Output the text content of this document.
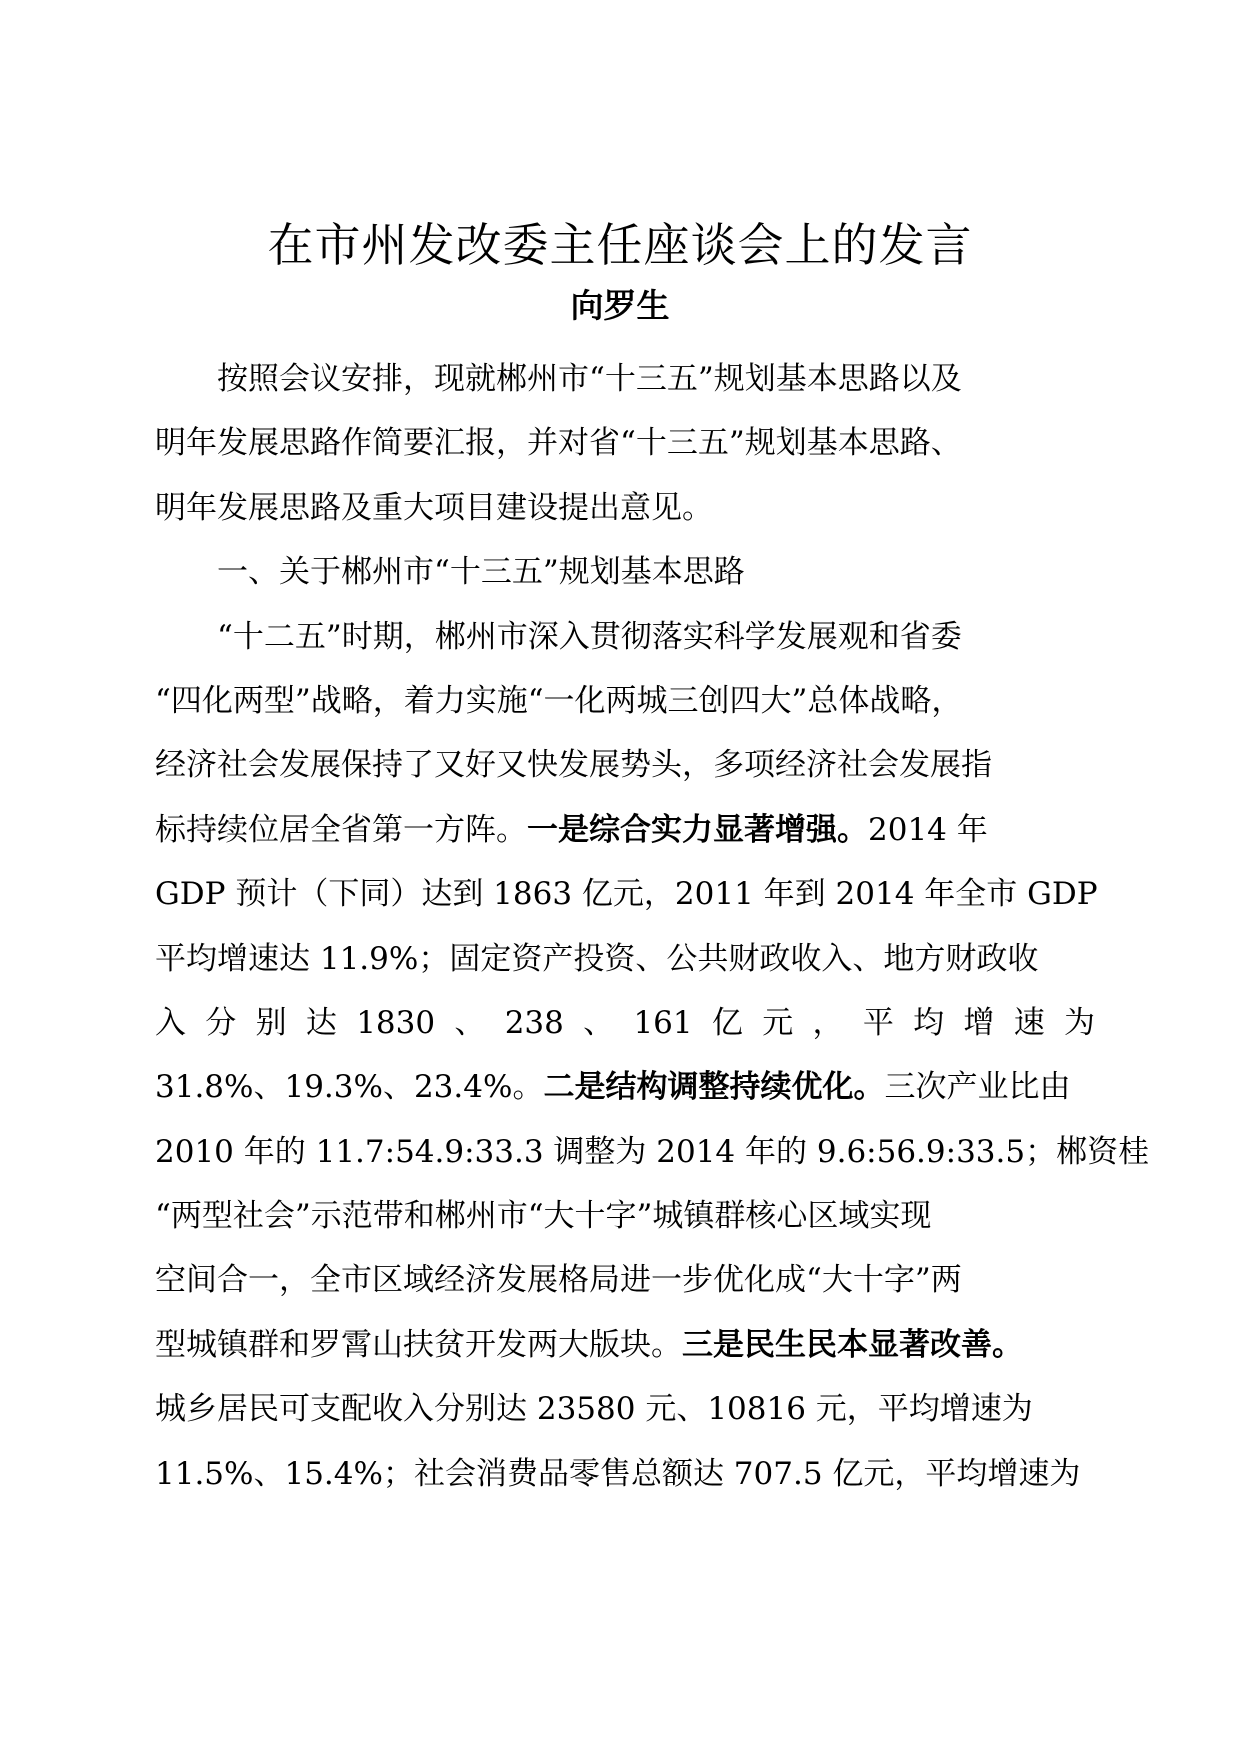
在市州发改委主任座谈会上的发言
向罗生
　　按照会议安排，现就郴州市“十三五”规划基本思路以及
明年发展思路作简要汇报，并对省“十三五”规划基本思路、
明年发展思路及重大项目建设提出意见。
　　一、关于郴州市“十三五”规划基本思路
　　“十二五”时期，郴州市深入贯彻落实科学发展观和省委
“四化两型”战略，着力实施“一化两城三创四大”总体战略，
经济社会发展保持了又好又快发展势头，多项经济社会发展指
标持续位居全省第一方阵。一是综合实力显著增强。2014 年
GDP 预计（下同）达到 1863 亿元，2011 年到 2014 年全市 GDP
平均增速达 11.9%；固定资产投资、公共财政收入、地方财政收
入 分 别 达 1830 、 238 、 161 亿 元 ， 平 均 增 速 为
31.8%、19.3%、23.4%。二是结构调整持续优化。三次产业比由
2010 年的 11.7:54.9:33.3 调整为 2014 年的 9.6:56.9:33.5；郴资桂
“两型社会”示范带和郴州市“大十字”城镇群核心区域实现
空间合一，全市区域经济发展格局进一步优化成“大十字”两
型城镇群和罗霄山扶贫开发两大版块。三是民生民本显著改善。
城乡居民可支配收入分别达 23580 元、10816 元，平均增速为
11.5%、15.4%；社会消费品零售总额达 707.5 亿元，平均增速为
